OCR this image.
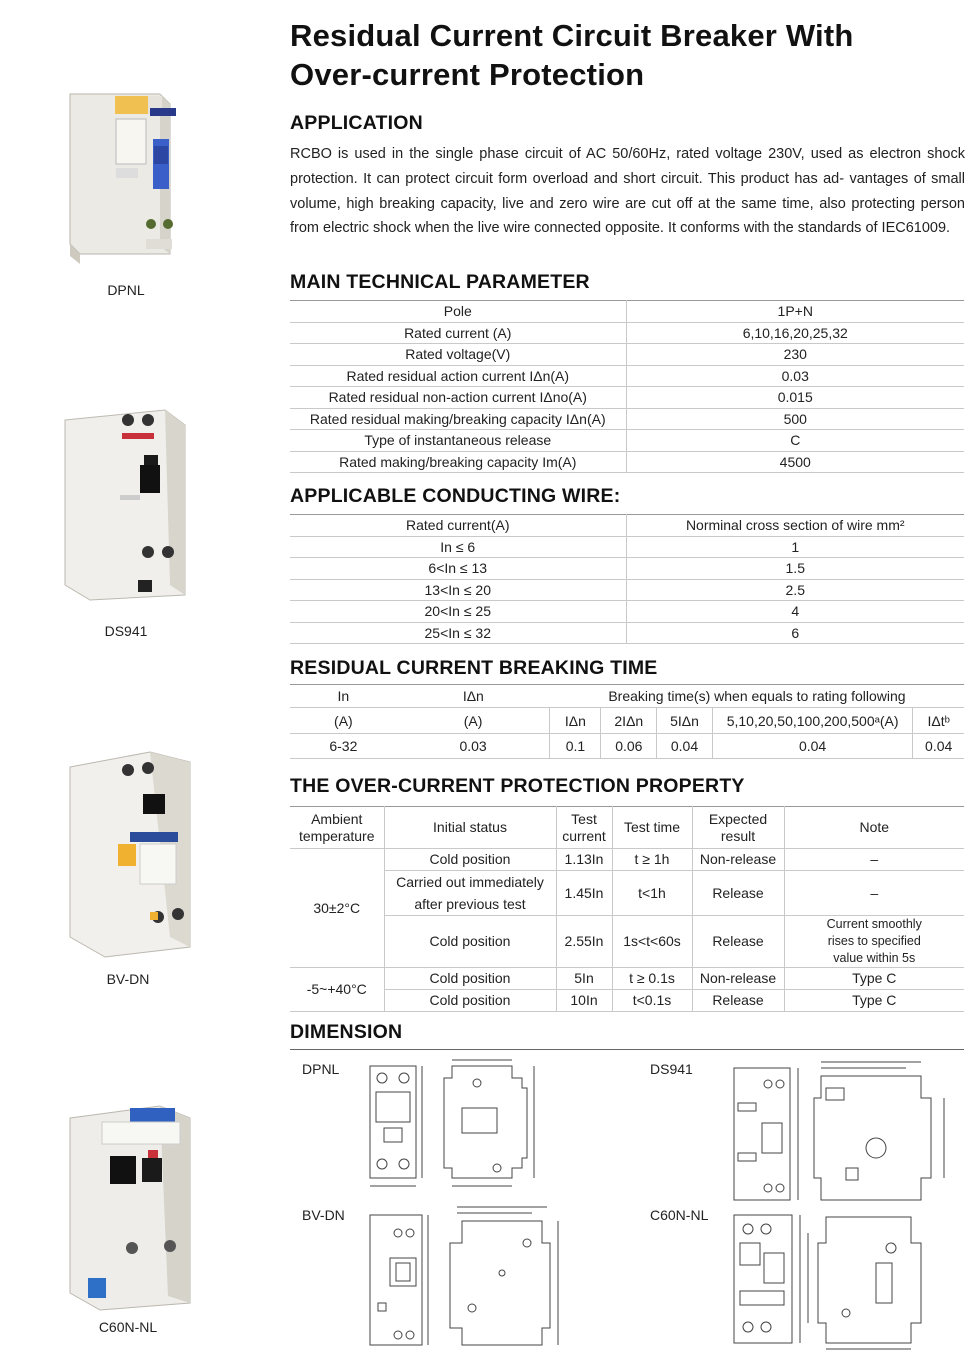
DPNL
DS941
BV-DN
C60N-NL
Residual Current Circuit Breaker With
Over-current Protection
APPLICATION
RCBO is used in the single phase circuit of AC 50/60Hz, rated voltage 230V, used as electron shock protection. It can protect circuit form overload and short circuit. This product has ad- vantages of small volume, high breaking capacity, live and zero wire are cut off at the same time, also protecting person from electric shock when the live wire connected opposite. It conforms with the standards of IEC61009.
MAIN TECHNICAL PARAMETER
Pole	1P+N
Rated current (A)	6,10,16,20,25,32
Rated voltage(V)	230
Rated residual action current IΔn(A)	0.03
Rated residual non-action current IΔno(A)	0.015
Rated residual making/breaking capacity IΔn(A)	500
Type of instantaneous release	C
Rated making/breaking capacity Im(A)	4500
APPLICABLE CONDUCTING WIRE:
Rated current(A)	Norminal cross section of wire mm²
In ≤ 6	1
6<In ≤ 13	1.5
13<In ≤ 20	2.5
20<In ≤ 25	4
25<In ≤ 32	6
RESIDUAL CURRENT BREAKING TIME
In	IΔn	Breaking time(s) when equals to rating following				
(A)	(A)	IΔn	2IΔn	5IΔn	5,10,20,50,100,200,500ᵃ(A)	IΔtᵇ
6-32	0.03	0.1	0.06	0.04	0.04	0.04
THE OVER-CURRENT PROTECTION PROPERTY
Ambient temperature	Initial status	Test current	Test time	Expected result	Note
30±2°C	Cold position	1.13In	t ≥ 1h	Non-release	–
	Carried out immediately after previous test	1.45In	t<1h	Release	–
	Cold position	2.55In	1s<t<60s	Release	Current smoothly rises to specified value within 5s
-5~+40°C	Cold position	5In	t ≥ 0.1s	Non-release	Type C
	Cold position	10In	t<0.1s	Release	Type C
DIMENSION
DPNL	DS941
BV-DN	C60N-NL
